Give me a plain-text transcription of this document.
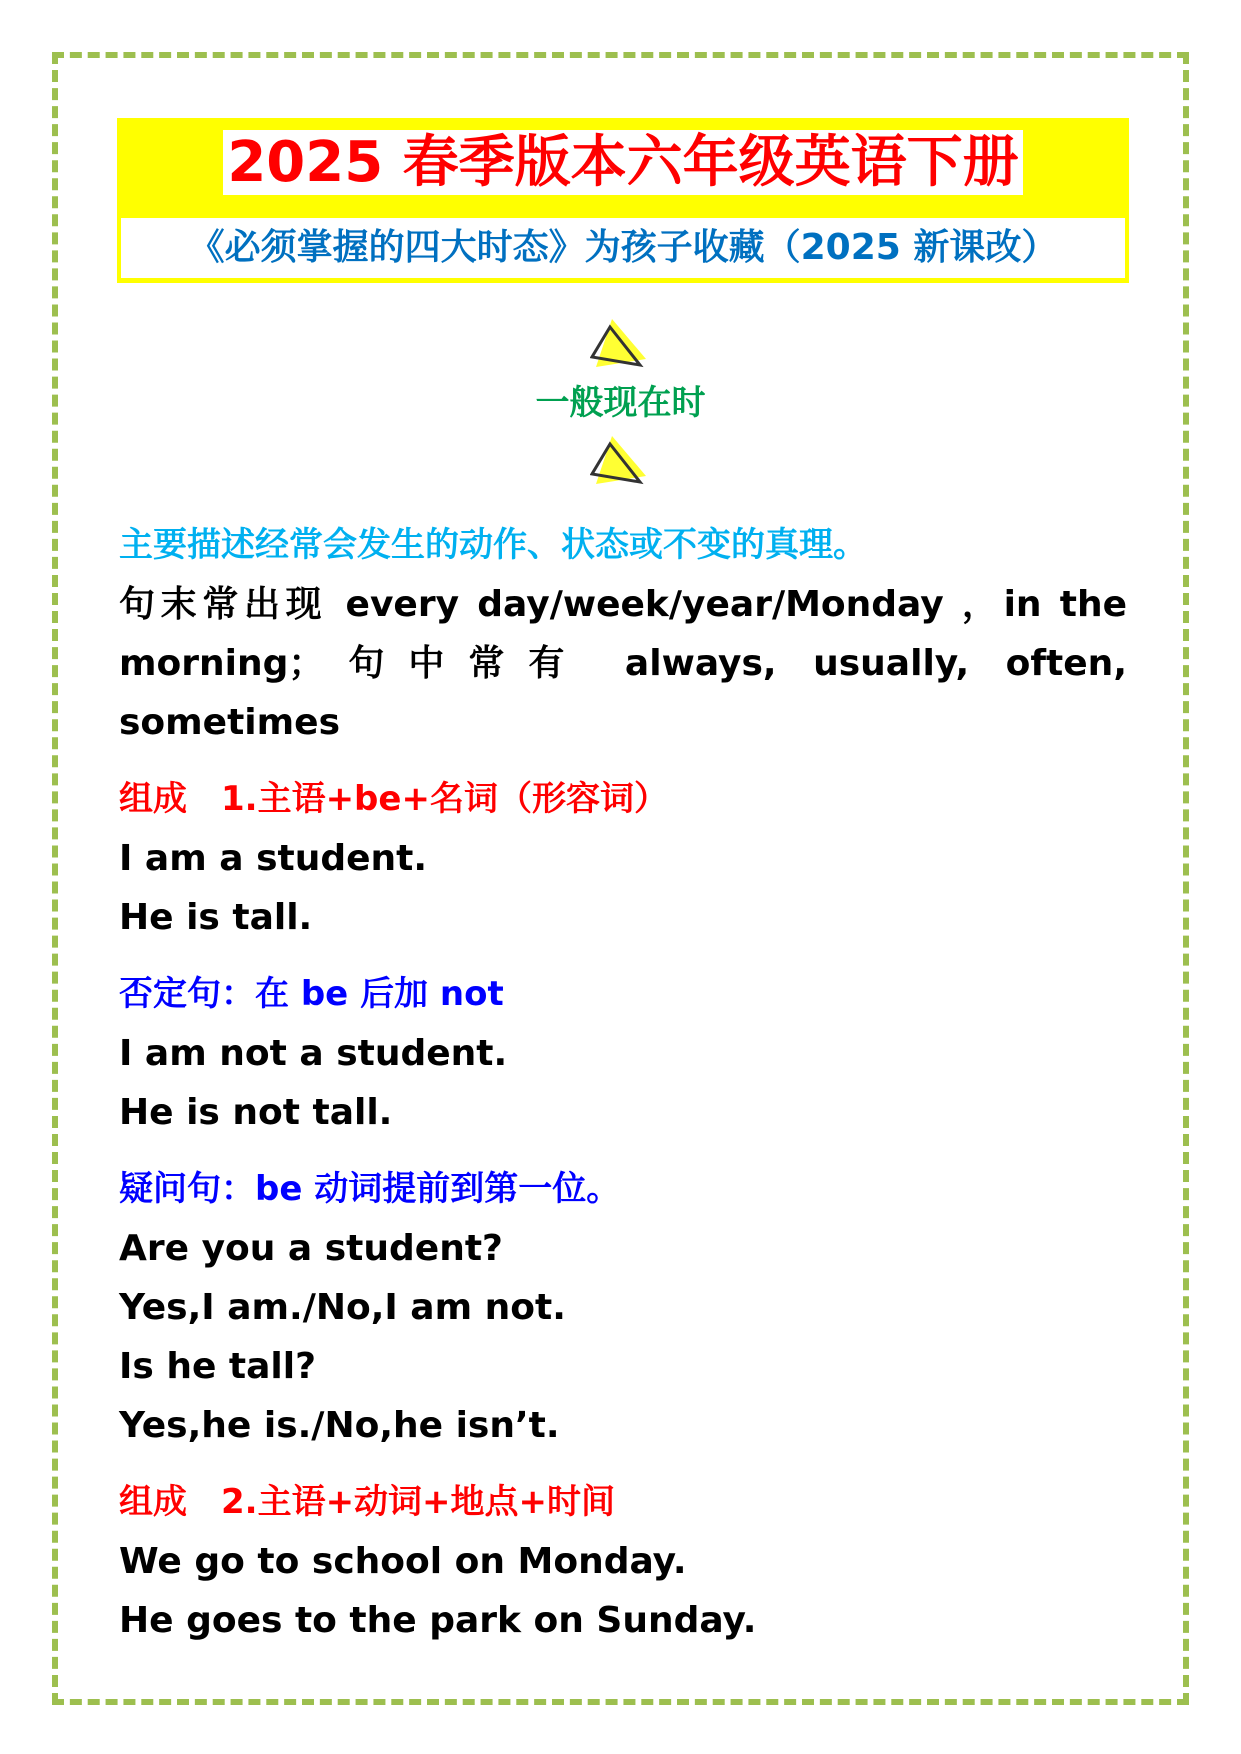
2025 春季版本六年级英语下册
《必须掌握的四大时态》为孩子收藏（2025 新课改）
一般现在时

主要描述经常会发生的动作、状态或不变的真理。

句末常出现 every day/week/year/Monday ，in the morning；句中常有 always, usually, often, sometimes

组成　1.主语+be+名词（形容词）

I am a student.

He is tall.

否定句：在 be 后加 not

I am not a student.

He is not tall.

疑问句：be 动词提前到第一位。

Are you a student?

Yes,I am./No,I am not.

Is he tall?

Yes,he is./No,he isn’t.

组成　2.主语+动词+地点+时间

We go to school on Monday.

He goes to the park on Sunday.
